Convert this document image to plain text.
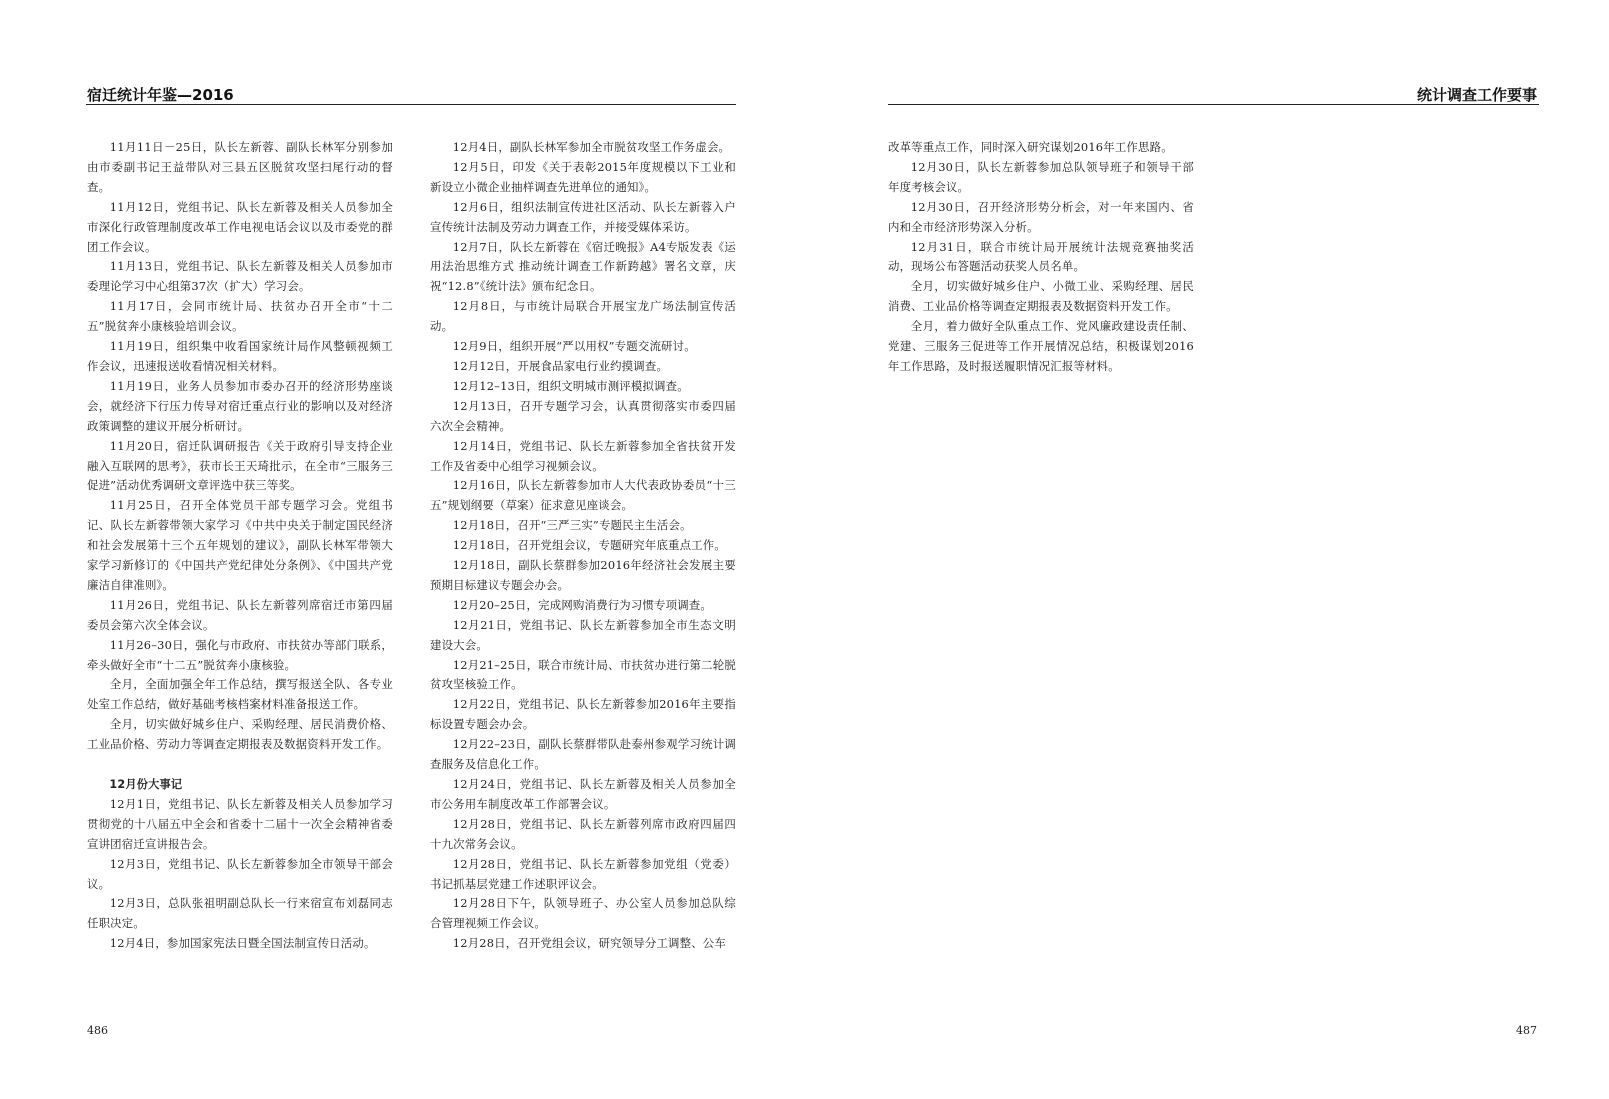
宿迁统计年鉴—2016

11月11日－25日，队长左新蓉、副队长林军分别参加由市委副书记王益带队对三县五区脱贫攻坚扫尾行动的督查。

11月12日，党组书记、队长左新蓉及相关人员参加全市深化行政管理制度改革工作电视电话会议以及市委党的群团工作会议。

11月13日，党组书记、队长左新蓉及相关人员参加市委理论学习中心组第37次（扩大）学习会。

11月17日，会同市统计局、扶贫办召开全市“十二五”脱贫奔小康核验培训会议。

11月19日，组织集中收看国家统计局作风整顿视频工作会议，迅速报送收看情况相关材料。

11月19日，业务人员参加市委办召开的经济形势座谈会，就经济下行压力传导对宿迁重点行业的影响以及对经济政策调整的建议开展分析研讨。

11月20日，宿迁队调研报告《关于政府引导支持企业融入互联网的思考》，获市长王天琦批示，在全市“三服务三促进”活动优秀调研文章评选中获三等奖。

11月25日，召开全体党员干部专题学习会。党组书记、队长左新蓉带领大家学习《中共中央关于制定国民经济和社会发展第十三个五年规划的建议》，副队长林军带领大家学习新修订的《中国共产党纪律处分条例》、《中国共产党廉洁自律准则》。

11月26日，党组书记、队长左新蓉列席宿迁市第四届委员会第六次全体会议。

11月26–30日，强化与市政府、市扶贫办等部门联系，牵头做好全市“十二五”脱贫奔小康核验。

全月，全面加强全年工作总结，撰写报送全队、各专业处室工作总结，做好基础考核档案材料准备报送工作。

全月，切实做好城乡住户、采购经理、居民消费价格、工业品价格、劳动力等调查定期报表及数据资料开发工作。

12月份大事记

12月1日，党组书记、队长左新蓉及相关人员参加学习贯彻党的十八届五中全会和省委十二届十一次全会精神省委宣讲团宿迁宣讲报告会。

12月3日，党组书记、队长左新蓉参加全市领导干部会议。

12月3日，总队张祖明副总队长一行来宿宣布刘磊同志任职决定。

12月4日，参加国家宪法日暨全国法制宣传日活动。

12月4日，副队长林军参加全市脱贫攻坚工作务虚会。

12月5日，印发《关于表彰2015年度规模以下工业和新设立小微企业抽样调查先进单位的通知》。

12月6日，组织法制宣传进社区活动、队长左新蓉入户宣传统计法制及劳动力调查工作，并接受媒体采访。

12月7日，队长左新蓉在《宿迁晚报》A4专版发表《运用法治思维方式 推动统计调查工作新跨越》署名文章，庆祝“12.8”《统计法》颁布纪念日。

12月8日，与市统计局联合开展宝龙广场法制宣传活动。

12月9日，组织开展“严以用权”专题交流研讨。

12月12日，开展食品家电行业约摸调查。

12月12–13日，组织文明城市测评模拟调查。

12月13日，召开专题学习会，认真贯彻落实市委四届六次全会精神。

12月14日，党组书记、队长左新蓉参加全省扶贫开发工作及省委中心组学习视频会议。

12月16日，队长左新蓉参加市人大代表政协委员“十三五”规划纲要（草案）征求意见座谈会。

12月18日，召开“三严三实”专题民主生活会。

12月18日，召开党组会议，专题研究年底重点工作。

12月18日，副队长蔡群参加2016年经济社会发展主要预期目标建议专题会办会。

12月20–25日，完成网购消费行为习惯专项调查。

12月21日，党组书记、队长左新蓉参加全市生态文明建设大会。

12月21–25日，联合市统计局、市扶贫办进行第二轮脱贫攻坚核验工作。

12月22日，党组书记、队长左新蓉参加2016年主要指标设置专题会办会。

12月22–23日，副队长蔡群带队赴泰州参观学习统计调查服务及信息化工作。

12月24日，党组书记、队长左新蓉及相关人员参加全市公务用车制度改革工作部署会议。

12月28日，党组书记、队长左新蓉列席市政府四届四十九次常务会议。

12月28日，党组书记、队长左新蓉参加党组（党委）书记抓基层党建工作述职评议会。

12月28日下午，队领导班子、办公室人员参加总队综合管理视频工作会议。

12月28日，召开党组会议，研究领导分工调整、公车

486
统计调查工作要事

改革等重点工作，同时深入研究谋划2016年工作思路。

12月30日，队长左新蓉参加总队领导班子和领导干部年度考核会议。

12月30日，召开经济形势分析会，对一年来国内、省内和全市经济形势深入分析。

12月31日，联合市统计局开展统计法规竞赛抽奖活动，现场公布答题活动获奖人员名单。

全月，切实做好城乡住户、小微工业、采购经理、居民消费、工业品价格等调查定期报表及数据资料开发工作。

全月，着力做好全队重点工作、党风廉政建设责任制、党建、三服务三促进等工作开展情况总结，积极谋划2016年工作思路，及时报送履职情况汇报等材料。

487
